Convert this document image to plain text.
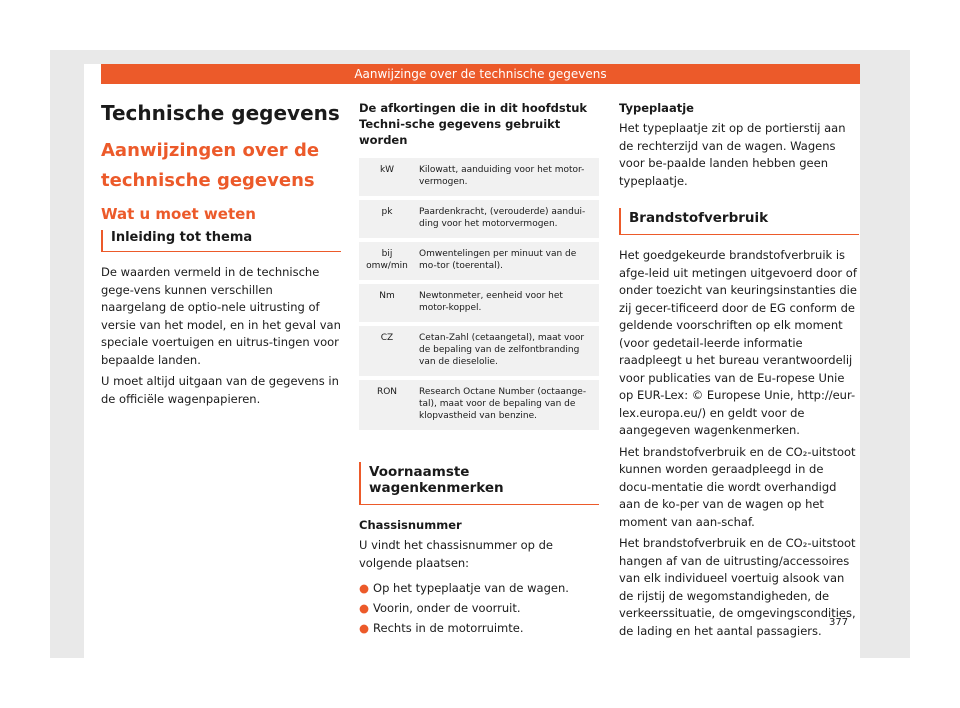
Aanwijzinge over de technische gegevens
Technische gegevens
Aanwijzingen over de technische gegevens
Wat u moet weten
Inleiding tot thema

De waarden vermeld in de technische gege-vens kunnen verschillen naargelang de optio-nele uitrusting of versie van het model, en in het geval van speciale voertuigen en uitrus-tingen voor bepaalde landen.

U moet altijd uitgaan van de gegevens in de officiële wagenpapieren.

De afkortingen die in dit hoofdstuk Techni-sche gegevens gebruikt worden
kW	Kilowatt, aanduiding voor het motor-vermogen.
pk	Paardenkracht, (verouderde) aandui-ding voor het motorvermogen.
bij omw/min	Omwentelingen per minuut van de mo-tor (toerental).
Nm	Newtonmeter, eenheid voor het motor-koppel.
CZ	Cetan-Zahl (cetaangetal), maat voor de bepaling van de zelfontbranding van de dieselolie.
RON	Research Octane Number (octaange-tal), maat voor de bepaling van de klopvastheid van benzine.
Voornaamste wagenkenmerken
Chassisnummer

U vindt het chassisnummer op de volgende plaatsen:

● Op het typeplaatje van de wagen.
● Voorin, onder de voorruit.
● Rechts in de motorruimte.
Typeplaatje

Het typeplaatje zit op de portierstij aan de rechterzijd van de wagen. Wagens voor be-paalde landen hebben geen typeplaatje.

Brandstofverbruik

Het goedgekeurde brandstofverbruik is afge-leid uit metingen uitgevoerd door of onder toezicht van keuringsinstanties die zij gecer-tificeerd door de EG conform de geldende voorschriften op elk moment (voor gedetail-leerde informatie raadpleegt u het bureau verantwoordelij voor publicaties van de Eu-ropese Unie op EUR-Lex: © Europese Unie, http://eur-lex.europa.eu/) en geldt voor de aangegeven wagenkenmerken.

Het brandstofverbruik en de CO₂-uitstoot kunnen worden geraadpleegd in de docu-mentatie die wordt overhandigd aan de ko-per van de wagen op het moment van aan-schaf.

Het brandstofverbruik en de CO₂-uitstoot hangen af van de uitrusting/accessoires van elk individueel voertuig alsook van de rijstij de wegomstandigheden, de verkeerssituatie, de omgevingscondities, de lading en het aantal passagiers.

377
